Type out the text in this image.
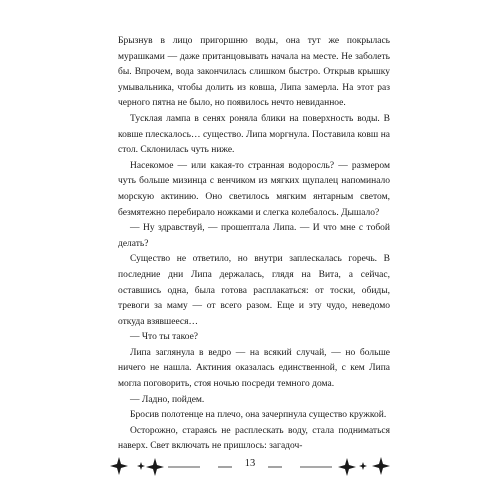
Брызнув в лицо пригоршню воды, она тут же покрылась мурашками — даже пританцовывать начала на месте. Не заболеть бы. Впрочем, вода закончилась слишком быстро. Открыв крышку умывальника, чтобы долить из ковша, Липа замерла. На этот раз черного пятна не было, но появилось нечто невиданное.

Тусклая лампа в сенях роняла блики на поверхность воды. В ковше плескалось… существо. Липа моргнула. Поставила ковш на стол. Склонилась чуть ниже.

Насекомое — или какая-то странная водоросль? — размером чуть больше мизинца с венчиком из мягких щупалец напоминало морскую актинию. Оно светилось мягким янтарным светом, безмятежно перебирало ножками и слегка колебалось. Дышало?

— Ну здравствуй, — прошептала Липа. — И что мне с тобой делать?

Существо не ответило, но внутри заплескалась горечь. В последние дни Липа держалась, глядя на Вита, а сейчас, оставшись одна, была готова расплакаться: от тоски, обиды, тревоги за маму — от всего разом. Еще и эту чудо, неведомо откуда взявшееся…

— Что ты такое?

Липа заглянула в ведро — на всякий случай, — но больше ничего не нашла. Актиния оказалась единственной, с кем Липа могла поговорить, стоя ночью посреди темного дома.

— Ладно, пойдем.

Бросив полотенце на плечо, она зачерпнула существо кружкой.

Осторожно, стараясь не расплескать воду, стала подниматься наверх. Свет включать не пришлось: загадоч-

13
